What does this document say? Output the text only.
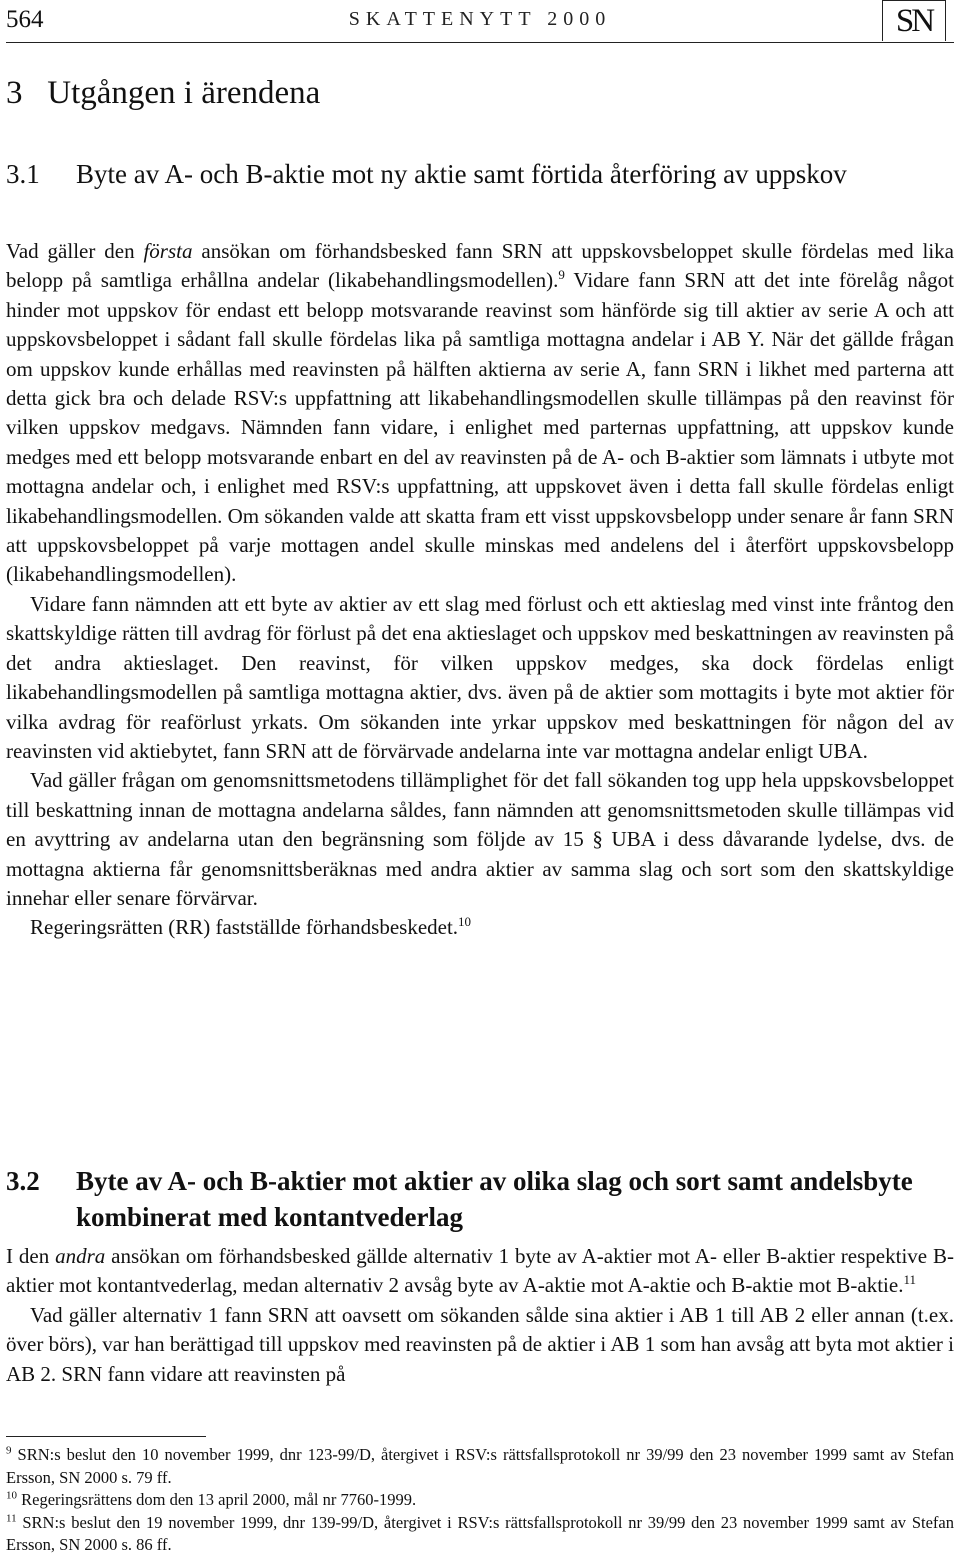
564	SKATTENYTT 2000	SN
3 Utgången i ärendena
3.1 Byte av A- och B-aktie mot ny aktie samt förtida återföring av uppskov

Vad gäller den första ansökan om förhandsbesked fann SRN att uppskovsbeloppet skulle fördelas med lika belopp på samtliga erhållna andelar (likabehandlingsmodellen).$^9$ Vidare fann SRN att det inte förelåg något hinder mot uppskov för endast ett belopp motsvarande reavinst som hänförde sig till aktier av serie A och att uppskovsbeloppet i sådant fall skulle fördelas lika på samtliga mottagna andelar i AB Y. När det gällde frågan om uppskov kunde erhållas med reavinsten på hälften aktierna av serie A, fann SRN i likhet med parterna att detta gick bra och delade RSV:s uppfattning att likabehandlingsmodellen skulle tillämpas på den reavinst för vilken uppskov medgavs. Nämnden fann vidare, i enlighet med parternas uppfattning, att uppskov kunde medges med ett belopp motsvarande enbart en del av reavinsten på de A- och B-aktier som lämnats i utbyte mot mottagna andelar och, i enlighet med RSV:s uppfattning, att uppskovet även i detta fall skulle fördelas enligt likabehandlingsmodellen. Om sökanden valde att skatta fram ett visst uppskovsbelopp under senare år fann SRN att uppskovsbeloppet på varje mottagen andel skulle minskas med andelens del i återfört uppskovsbelopp (likabehandlingsmodellen).

Vidare fann nämnden att ett byte av aktier av ett slag med förlust och ett aktieslag med vinst inte fråntog den skattskyldige rätten till avdrag för förlust på det ena aktieslaget och uppskov med beskattningen av reavinsten på det andra aktieslaget. Den reavinst, för vilken uppskov medges, ska dock fördelas enligt likabehandlingsmodellen på samtliga mottagna aktier, dvs. även på de aktier som mottagits i byte mot aktier för vilka avdrag för reaförlust yrkats. Om sökanden inte yrkar uppskov med beskattningen för någon del av reavinsten vid aktiebytet, fann SRN att de förvärvade andelarna inte var mottagna andelar enligt UBA.

Vad gäller frågan om genomsnittsmetodens tillämplighet för det fall sökanden tog upp hela uppskovsbeloppet till beskattning innan de mottagna andelarna såldes, fann nämnden att genomsnittsmetoden skulle tillämpas vid en avyttring av andelarna utan den begränsning som följde av 15 § UBA i dess dåvarande lydelse, dvs. de mottagna aktierna får genomsnittsberäknas med andra aktier av samma slag och sort som den skattskyldige innehar eller senare förvärvar.

Regeringsrätten (RR) fastställde förhandsbeskedet.$^{10}$

3.2 Byte av A- och B-aktier mot aktier av olika slag och sort samt andelsbyte kombinerat med kontantvederlag

I den andra ansökan om förhandsbesked gällde alternativ 1 byte av A-aktier mot A- eller B-aktier respektive B-aktier mot kontantvederlag, medan alternativ 2 avsåg byte av A-aktie mot A-aktie och B-aktie mot B-aktie.$^{11}$

Vad gäller alternativ 1 fann SRN att oavsett om sökanden sålde sina aktier i AB 1 till AB 2 eller annan (t.ex. över börs), var han berättigad till uppskov med reavinsten på de aktier i AB 1 som han avsåg att byta mot aktier i AB 2. SRN fann vidare att reavinsten på

$^9$ SRN:s beslut den 10 november 1999, dnr 123-99/D, återgivet i RSV:s rättsfallsprotokoll nr 39/99 den 23 november 1999 samt av Stefan Ersson, SN 2000 s. 79 ff.

$^{10}$ Regeringsrättens dom den 13 april 2000, mål nr 7760-1999.

$^{11}$ SRN:s beslut den 19 november 1999, dnr 139-99/D, återgivet i RSV:s rättsfallsprotokoll nr 39/99 den 23 november 1999 samt av Stefan Ersson, SN 2000 s. 86 ff.
